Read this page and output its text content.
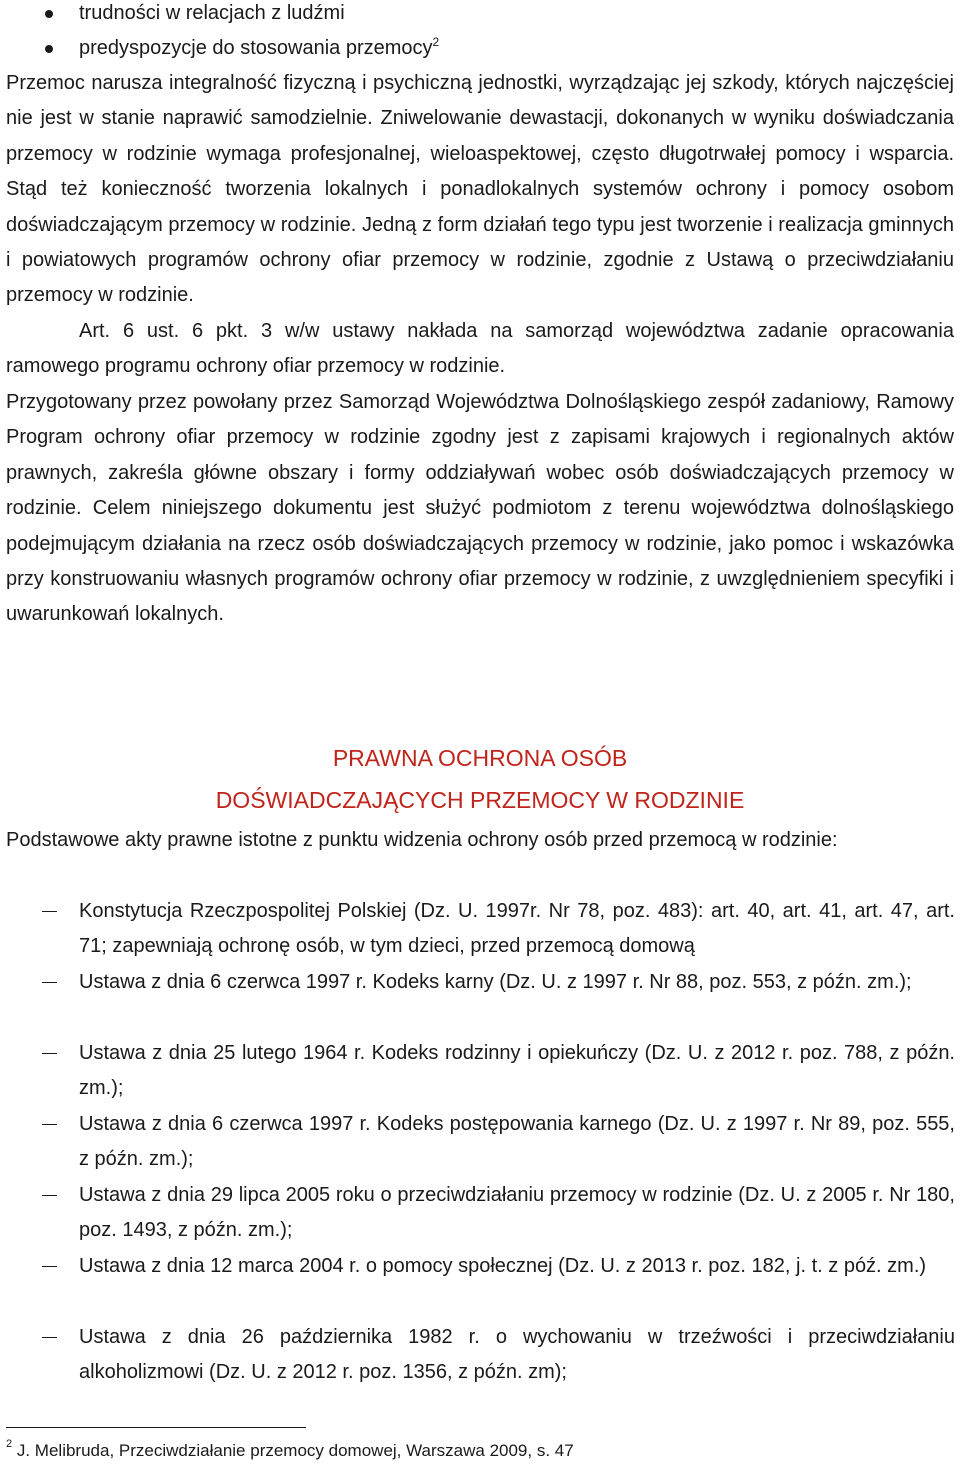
trudności w relacjach z ludźmi
predyspozycje do stosowania przemocy$^2$

Przemoc narusza integralność fizyczną i psychiczną jednostki, wyrządzając jej szkody, których najczęściej nie jest w stanie naprawić samodzielnie. Zniwelowanie dewastacji, dokonanych w wyniku doświadczania przemocy w rodzinie wymaga profesjonalnej, wieloaspektowej, często długotrwałej pomocy i wsparcia. Stąd też konieczność tworzenia lokalnych i ponadlokalnych systemów ochrony i pomocy osobom doświadczającym przemocy w rodzinie. Jedną z form działań tego typu jest tworzenie i realizacja gminnych i powiatowych programów ochrony ofiar przemocy w rodzinie, zgodnie z Ustawą o przeciwdziałaniu przemocy w rodzinie.

Art. 6 ust. 6 pkt. 3 w/w ustawy nakłada na samorząd województwa zadanie opracowania ramowego programu ochrony ofiar przemocy w rodzinie.

Przygotowany przez powołany przez Samorząd Województwa Dolnośląskiego zespół zadaniowy, Ramowy Program ochrony ofiar przemocy w rodzinie zgodny jest z zapisami krajowych i regionalnych aktów prawnych, zakreśla główne obszary i formy oddziaływań wobec osób doświadczających przemocy w rodzinie. Celem niniejszego dokumentu jest służyć podmiotom z terenu województwa dolnośląskiego podejmującym działania na rzecz osób doświadczających przemocy w rodzinie, jako pomoc i wskazówka przy konstruowaniu własnych programów ochrony ofiar przemocy w rodzinie, z uwzględnieniem specyfiki i uwarunkowań lokalnych.

PRAWNA OCHRONA OSÓB
DOŚWIADCZAJĄCYCH PRZEMOCY W RODZINIE

Podstawowe akty prawne istotne z punktu widzenia ochrony osób przed przemocą w rodzinie:

Konstytucja Rzeczpospolitej Polskiej (Dz. U. 1997r. Nr 78, poz. 483): art. 40, art. 41, art. 47, art. 71; zapewniają ochronę osób, w tym dzieci, przed przemocą domową

Ustawa z dnia 6 czerwca 1997 r. Kodeks karny (Dz. U. z 1997 r. Nr 88, poz. 553, z późn. zm.);

Ustawa z dnia 25 lutego 1964 r. Kodeks rodzinny i opiekuńczy (Dz. U. z 2012 r. poz. 788, z późn. zm.);

Ustawa z dnia 6 czerwca 1997 r. Kodeks postępowania karnego (Dz. U. z 1997 r. Nr 89, poz. 555, z późn. zm.);

Ustawa z dnia 29 lipca 2005 roku o przeciwdziałaniu przemocy w rodzinie (Dz. U. z 2005 r. Nr 180, poz. 1493, z późn. zm.);

Ustawa z dnia 12 marca 2004 r. o pomocy społecznej (Dz. U. z 2013 r. poz. 182, j. t. z póź. zm.)

Ustawa z dnia 26 października 1982 r. o wychowaniu w trzeźwości i przeciwdziałaniu alkoholizmowi (Dz. U. z 2012 r. poz. 1356, z późn. zm);

$^2$ J. Melibruda, Przeciwdziałanie przemocy domowej, Warszawa 2009, s. 47
